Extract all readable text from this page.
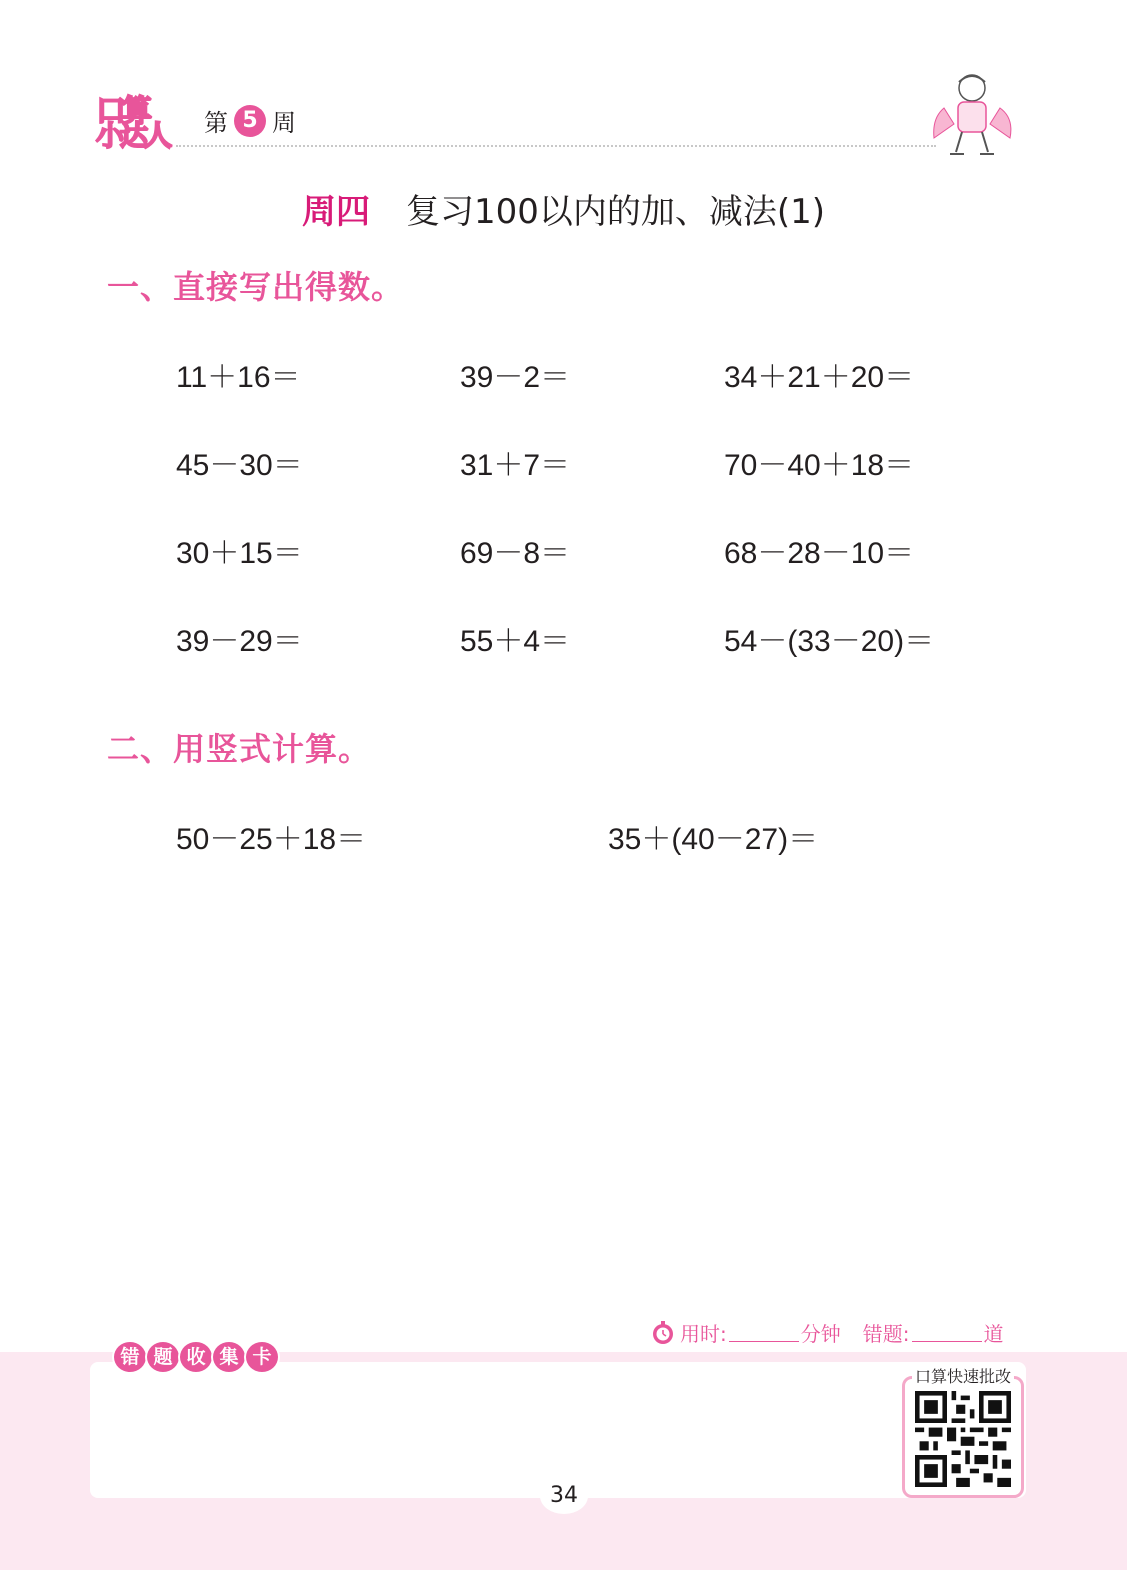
口算
小达人 第 5 周
周四 复习100以内的加、减法(1)
一、直接写出得数。
11＋16＝	39－2＝	34＋21＋20＝
45－30＝	31＋7＝	70－40＋18＝
30＋15＝	69－8＝	68－28－10＝
39－29＝	55＋4＝	54－(33－20)＝
二、用竖式计算。
50－25＋18＝	35＋(40－27)＝
用时:	分钟 错题:	道
错 题 收 集 卡
口算快速批改
34
